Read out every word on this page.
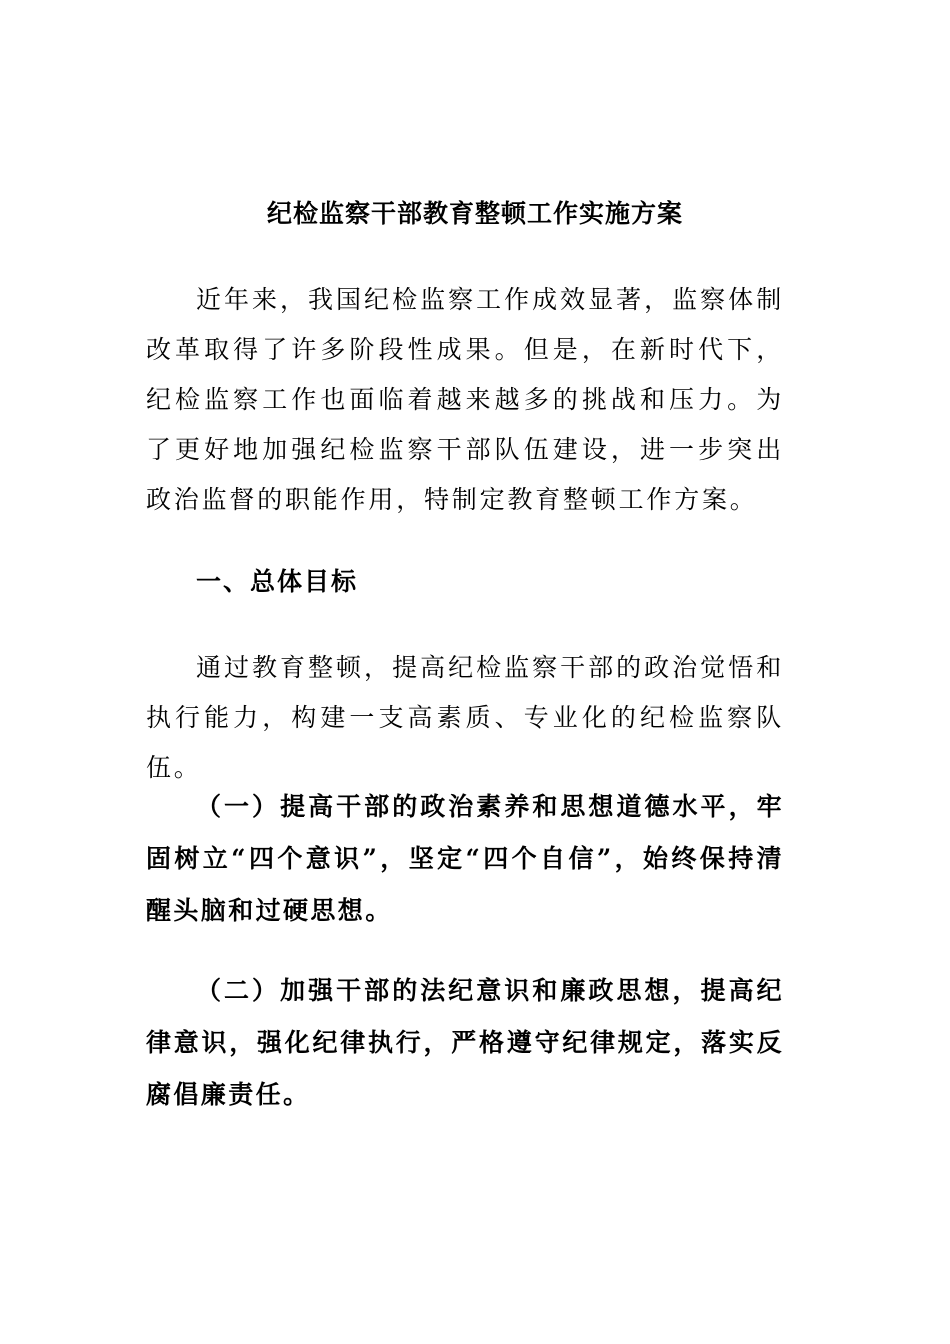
纪检监察干部教育整顿工作实施方案

近年来，我国纪检监察工作成效显著，监察体制改革取得了许多阶段性成果。但是，在新时代下，纪检监察工作也面临着越来越多的挑战和压力。为了更好地加强纪检监察干部队伍建设，进一步突出政治监督的职能作用，特制定教育整顿工作方案。

一、总体目标

通过教育整顿，提高纪检监察干部的政治觉悟和执行能力，构建一支高素质、专业化的纪检监察队伍。

（一）提高干部的政治素养和思想道德水平，牢固树立“四个意识”，坚定“四个自信”，始终保持清醒头脑和过硬思想。

（二）加强干部的法纪意识和廉政思想，提高纪律意识，强化纪律执行，严格遵守纪律规定，落实反腐倡廉责任。
